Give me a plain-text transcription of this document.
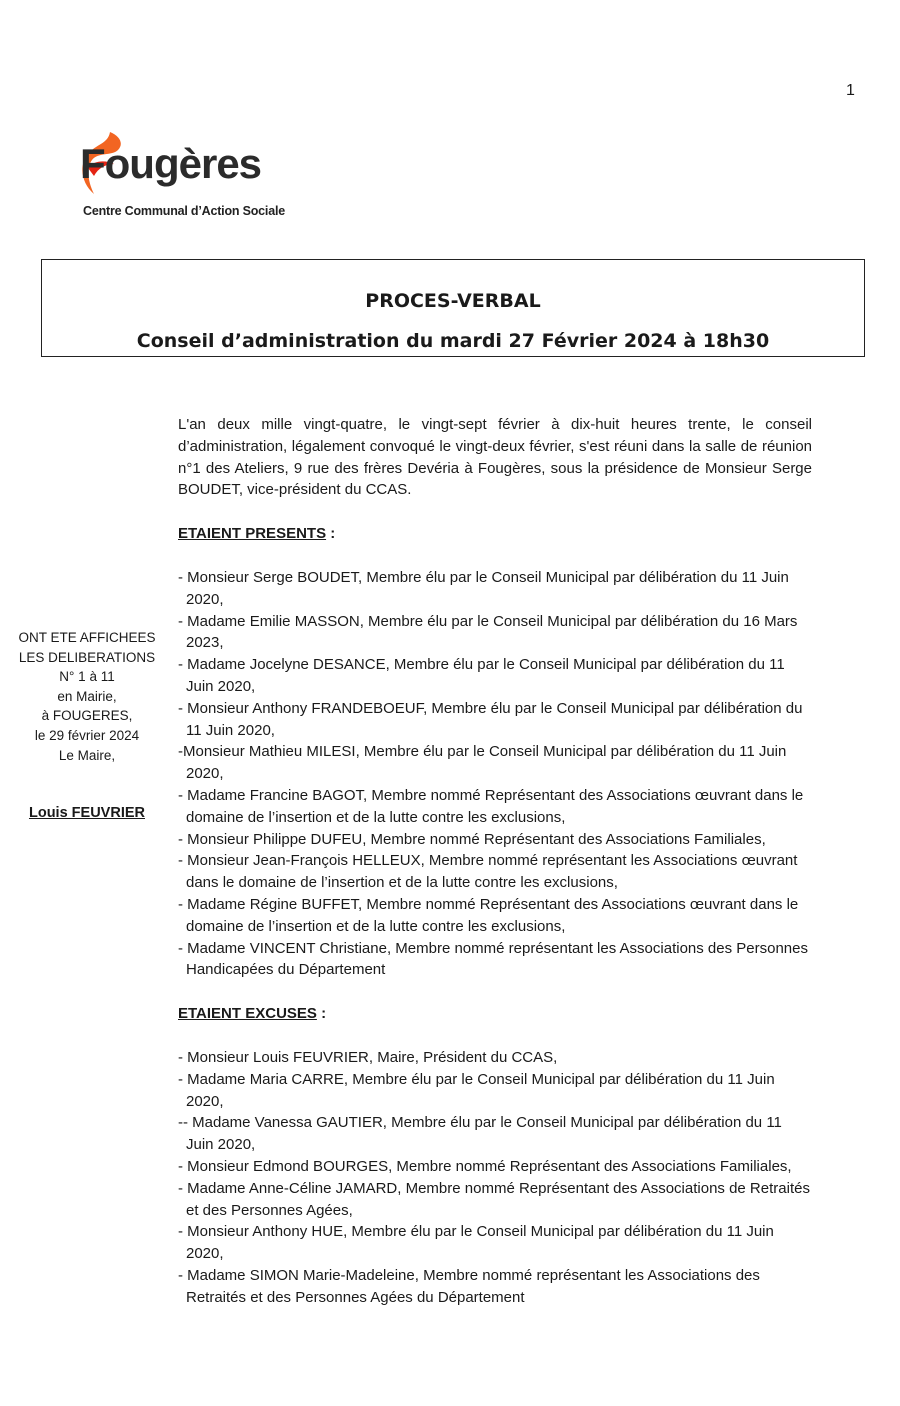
1
Fougères
Centre Communal d’Action Sociale
PROCES-VERBAL
Conseil d’administration du mardi 27 Février 2024 à 18h30
ONT ETE AFFICHEES
LES DELIBERATIONS
N° 1 à 11
en Mairie,
à FOUGERES,
le 29 février 2024
Le Maire,
Louis FEUVRIER

L'an deux mille vingt-quatre, le vingt-sept février à dix-huit heures trente, le conseil d’administration, légalement convoqué le vingt-deux février, s'est réuni dans la salle de réunion n°1 des Ateliers, 9 rue des frères Devéria à Fougères, sous la présidence de Monsieur Serge BOUDET, vice-président du CCAS.

ETAIENT PRESENTS :
- Monsieur Serge BOUDET, Membre élu par le Conseil Municipal par délibération du 11 Juin 2020,
- Madame Emilie MASSON, Membre élu par le Conseil Municipal par délibération du 16 Mars 2023,
- Madame Jocelyne DESANCE, Membre élu par le Conseil Municipal par délibération du 11 Juin 2020,
- Monsieur Anthony FRANDEBOEUF, Membre élu par le Conseil Municipal par délibération du 11 Juin 2020,
-Monsieur Mathieu MILESI, Membre élu par le Conseil Municipal par délibération du 11 Juin 2020,
- Madame Francine BAGOT, Membre nommé Représentant des Associations œuvrant dans le domaine de l’insertion et de la lutte contre les exclusions,
- Monsieur Philippe DUFEU, Membre nommé Représentant des Associations Familiales,
- Monsieur Jean-François HELLEUX, Membre nommé représentant les Associations œuvrant dans le domaine de l’insertion et de la lutte contre les exclusions,
- Madame Régine BUFFET, Membre nommé Représentant des Associations œuvrant dans le domaine de l’insertion et de la lutte contre les exclusions,
- Madame VINCENT Christiane, Membre nommé représentant les Associations des Personnes Handicapées du Département
ETAIENT EXCUSES :
- Monsieur Louis FEUVRIER, Maire, Président du CCAS,
- Madame Maria CARRE, Membre élu par le Conseil Municipal par délibération du 11 Juin 2020,
-- Madame Vanessa GAUTIER, Membre élu par le Conseil Municipal par délibération du 11 Juin 2020,
- Monsieur Edmond BOURGES, Membre nommé Représentant des Associations Familiales,
- Madame Anne-Céline JAMARD, Membre nommé Représentant des Associations de Retraités et des Personnes Agées,
- Monsieur Anthony HUE, Membre élu par le Conseil Municipal par délibération du 11 Juin 2020,
- Madame SIMON Marie-Madeleine, Membre nommé représentant les Associations des Retraités et des Personnes Agées du Département
